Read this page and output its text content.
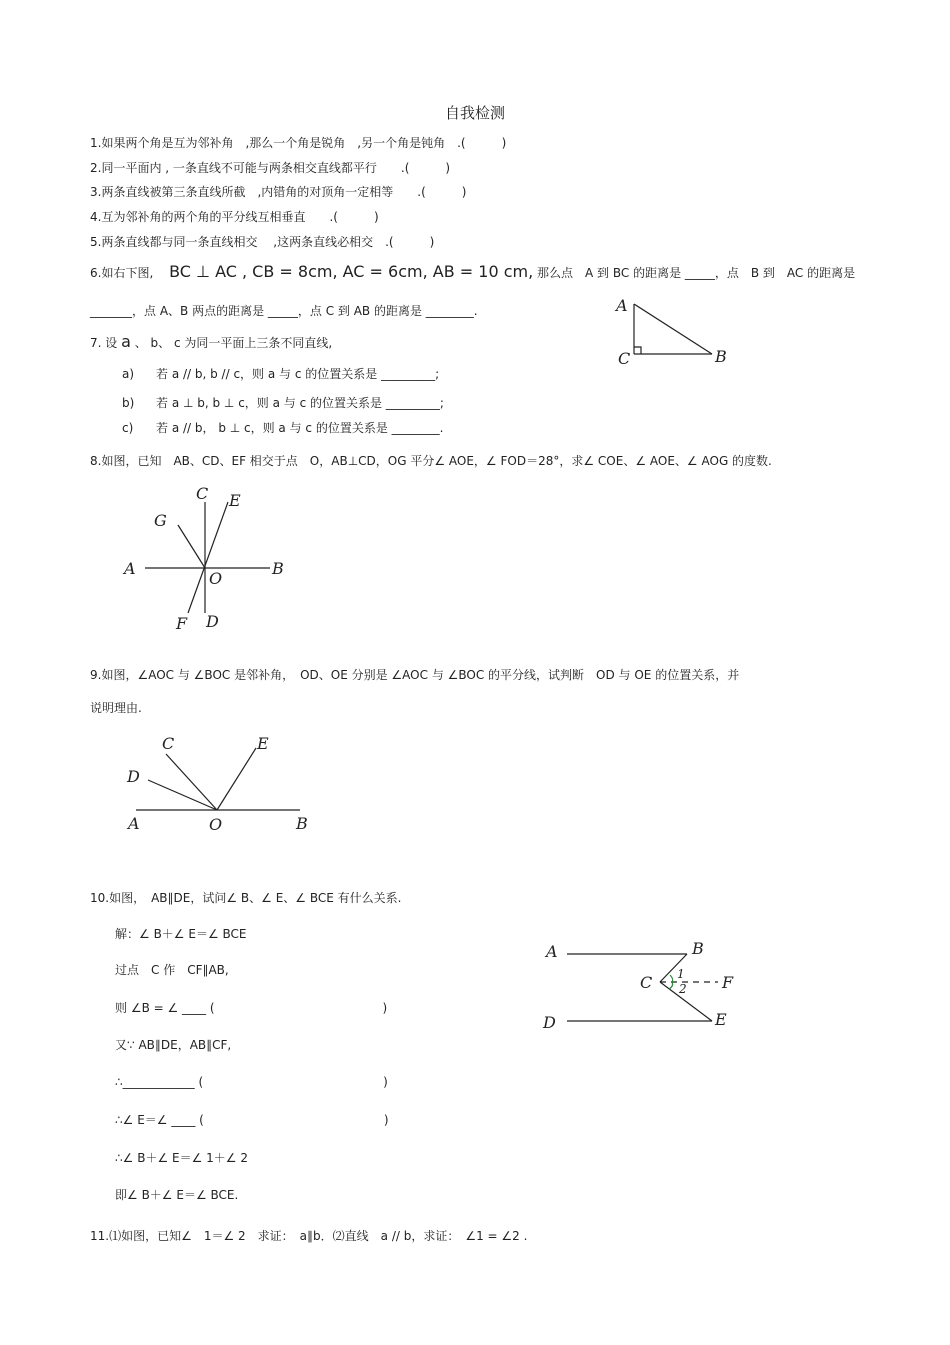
自我检测
1.如果两个角是互为邻补角　,那么一个角是锐角　,另一个角是钝角　.(　　　)
2.同一平面内 , 一条直线不可能与两条相交直线都平行　　.(　　　)
3.两条直线被第三条直线所截　,内错角的对顶角一定相等　　.(　　　)
4.互为邻补角的两个角的平分线互相垂直　　.(　　　)
5.两条直线都与同一条直线相交　 ,这两条直线必相交　.(　　　)
6.如右下图, BC ⊥ AC , CB = 8cm, AC = 6cm, AB = 10 cm, 那么点　A 到 BC 的距离是 _____，点　B 到　AC 的距离是
_______，点 A、B 两点的距离是 _____，点 C 到 AB 的距离是 ________.	A
C	B
7. 设 a 、 b、 c 为同一平面上三条不同直线,
a) 若 a // b, b // c，则 a 与 c 的位置关系是 _________;
b) 若 a ⊥ b, b ⊥ c，则 a 与 c 的位置关系是 _________;
c) 若 a // b， b ⊥ c，则 a 与 c 的位置关系是 ________.
8.如图，已知　AB、CD、EF 相交于点　O，AB⊥CD，OG 平分∠ AOE，∠ FOD＝28°，求∠ COE、∠ AOE、∠ AOG 的度数.
C E
G
A	B
O
F D
9.如图，∠AOC 与 ∠BOC 是邻补角，　OD、OE 分别是 ∠AOC 与 ∠BOC 的平分线，试判断　OD 与 OE 的位置关系，并
说明理由.
C	E
D
A	O	B
10.如图，　AB∥DE，试问∠ B、∠ E、∠ BCE 有什么关系.
解：∠ B＋∠ E＝∠ BCE
过点　C 作　CF∥AB,
则 ∠B = ∠ ____ (　　　　　　　　　　　　　　)
又∵ AB∥DE，AB∥CF,
∴____________ (　　　　　　　　　　　　　　　)
∴∠ E＝∠ ____ (　　　　　　　　　　　　　　　)
∴∠ B＋∠ E＝∠ 1＋∠ 2
即∠ B＋∠ E＝∠ BCE.
A	B
C 1
2 F
D	E
11.⑴如图，已知∠　1＝∠ 2　求证：　a∥b．⑵直线　a // b，求证：　∠1 = ∠2 .
